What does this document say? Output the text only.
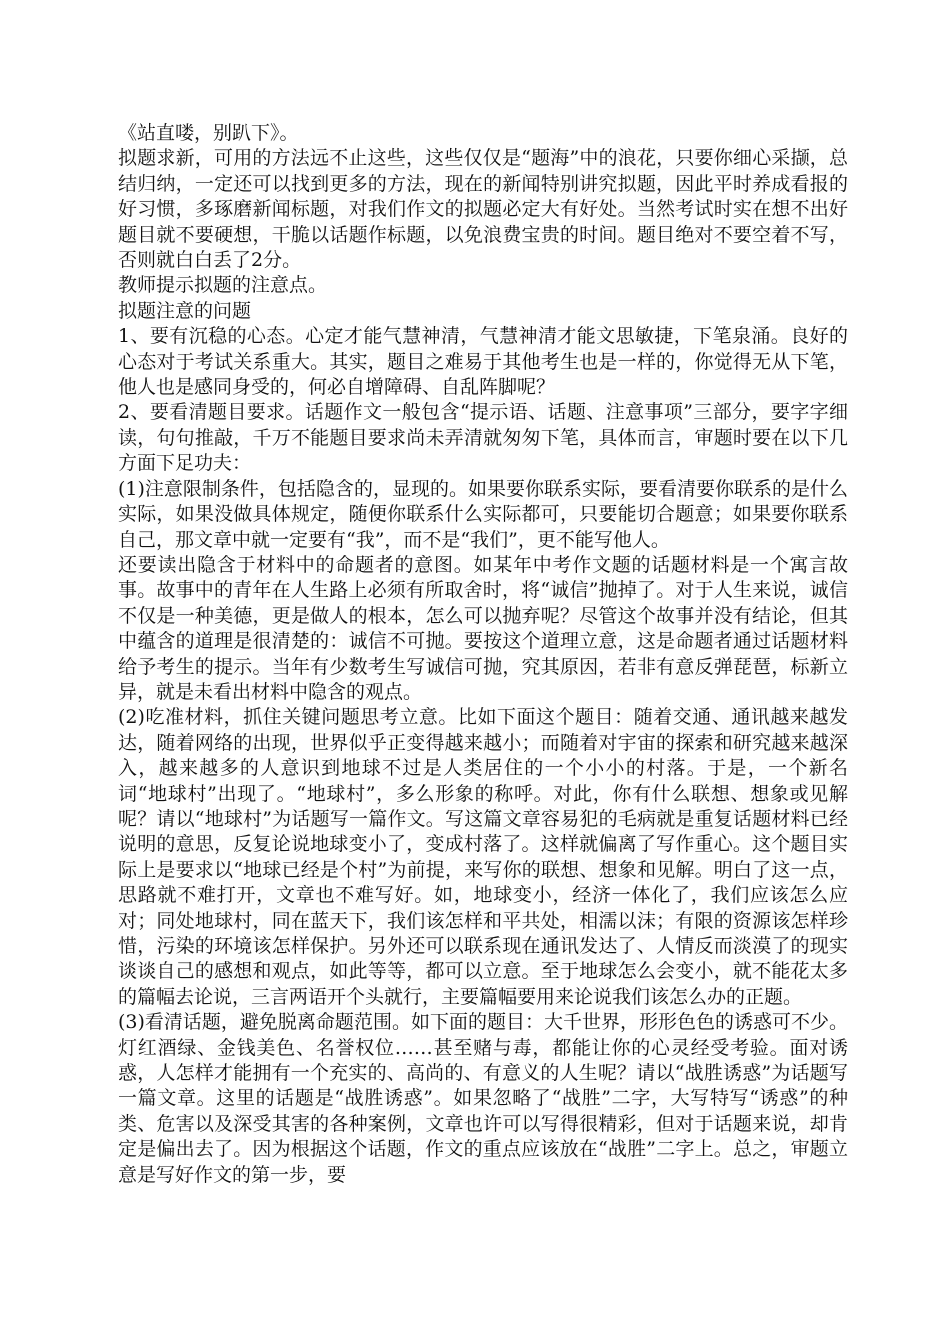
《站直喽，别趴下》。

拟题求新，可用的方法远不止这些，这些仅仅是“题海”中的浪花，只要你细心采撷，总结归纳，一定还可以找到更多的方法，现在的新闻特别讲究拟题，因此平时养成看报的好习惯，多琢磨新闻标题，对我们作文的拟题必定大有好处。当然考试时实在想不出好题目就不要硬想，干脆以话题作标题，以免浪费宝贵的时间。题目绝对不要空着不写，否则就白白丢了2分。

教师提示拟题的注意点。

拟题注意的问题

1、要有沉稳的心态。心定才能气慧神清，气慧神清才能文思敏捷，下笔泉涌。良好的心态对于考试关系重大。其实，题目之难易于其他考生也是一样的，你觉得无从下笔，他人也是感同身受的，何必自增障碍、自乱阵脚呢？

2、要看清题目要求。话题作文一般包含“提示语、话题、注意事项”三部分，要字字细读，句句推敲，千万不能题目要求尚未弄清就匆匆下笔，具体而言，审题时要在以下几方面下足功夫：

(1)注意限制条件，包括隐含的，显现的。如果要你联系实际，要看清要你联系的是什么实际，如果没做具体规定，随便你联系什么实际都可，只要能切合题意；如果要你联系自己，那文章中就一定要有“我”，而不是“我们”，更不能写他人。

还要读出隐含于材料中的命题者的意图。如某年中考作文题的话题材料是一个寓言故事。故事中的青年在人生路上必须有所取舍时，将“诚信”抛掉了。对于人生来说，诚信不仅是一种美德，更是做人的根本，怎么可以抛弃呢？尽管这个故事并没有结论，但其中蕴含的道理是很清楚的：诚信不可抛。要按这个道理立意，这是命题者通过话题材料给予考生的提示。当年有少数考生写诚信可抛，究其原因，若非有意反弹琵琶，标新立异，就是未看出材料中隐含的观点。

(2)吃准材料，抓住关键问题思考立意。比如下面这个题目：随着交通、通讯越来越发达，随着网络的出现，世界似乎正变得越来越小；而随着对宇宙的探索和研究越来越深入，越来越多的人意识到地球不过是人类居住的一个小小的村落。于是，一个新名词“地球村”出现了。“地球村”，多么形象的称呼。对此，你有什么联想、想象或见解呢？请以“地球村”为话题写一篇作文。写这篇文章容易犯的毛病就是重复话题材料已经说明的意思，反复论说地球变小了，变成村落了。这样就偏离了写作重心。这个题目实际上是要求以“地球已经是个村”为前提，来写你的联想、想象和见解。明白了这一点，思路就不难打开，文章也不难写好。如，地球变小，经济一体化了，我们应该怎么应对；同处地球村，同在蓝天下，我们该怎样和平共处，相濡以沫；有限的资源该怎样珍惜，污染的环境该怎样保护。另外还可以联系现在通讯发达了、人情反而淡漠了的现实谈谈自己的感想和观点，如此等等，都可以立意。至于地球怎么会变小，就不能花太多的篇幅去论说，三言两语开个头就行，主要篇幅要用来论说我们该怎么办的正题。

(3)看清话题，避免脱离命题范围。如下面的题目：大千世界，形形色色的诱惑可不少。灯红酒绿、金钱美色、名誉权位……甚至赌与毒，都能让你的心灵经受考验。面对诱惑，人怎样才能拥有一个充实的、高尚的、有意义的人生呢？请以“战胜诱惑”为话题写一篇文章。这里的话题是“战胜诱惑”。如果忽略了“战胜”二字，大写特写“诱惑”的种类、危害以及深受其害的各种案例，文章也许可以写得很精彩，但对于话题来说，却肯定是偏出去了。因为根据这个话题，作文的重点应该放在“战胜”二字上。总之，审题立意是写好作文的第一步，要
